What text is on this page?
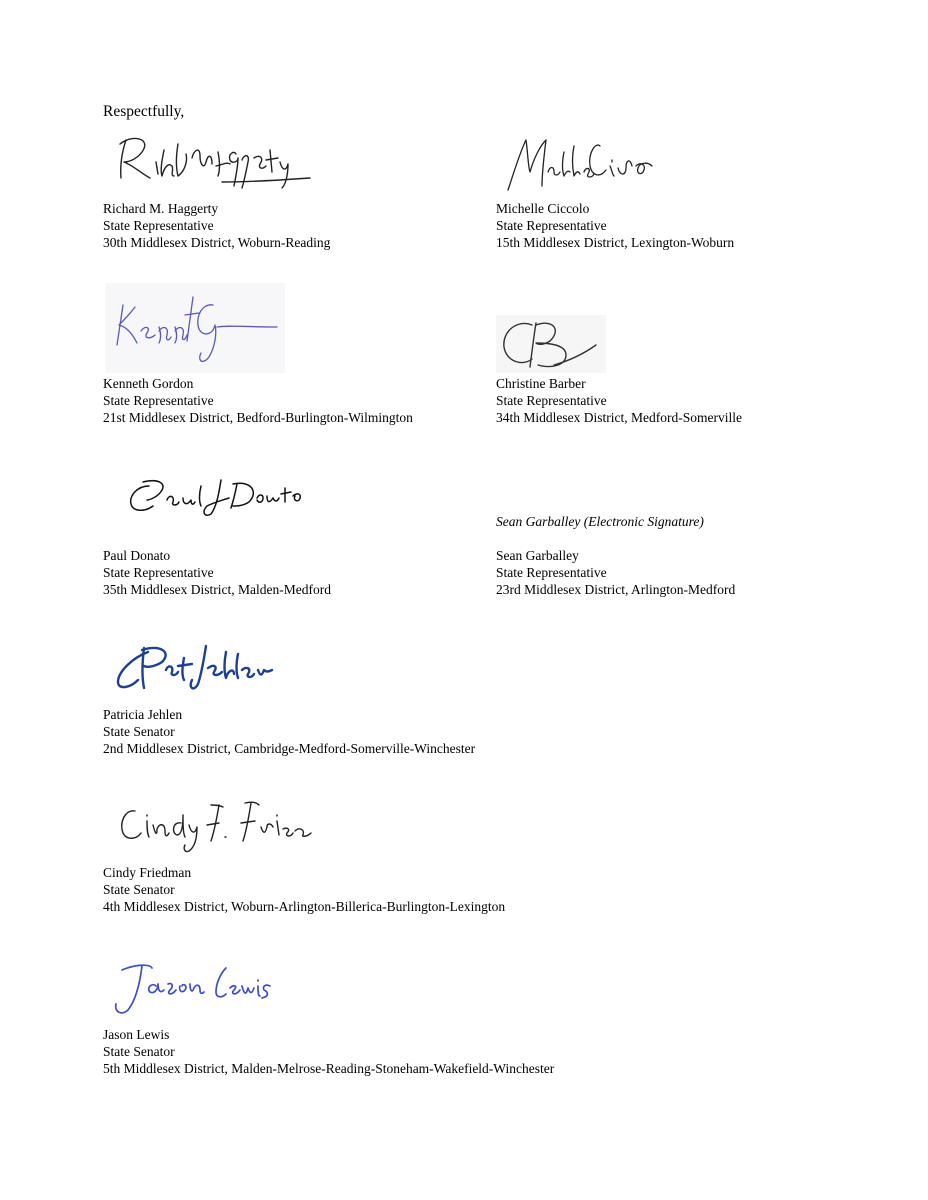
Respectfully,
Richard M. Haggerty
State Representative
30th Middlesex District, Woburn-Reading
Michelle Ciccolo
State Representative
15th Middlesex District, Lexington-Woburn
Kenneth Gordon
State Representative
21st Middlesex District, Bedford-Burlington-Wilmington
Christine Barber
State Representative
34th Middlesex District, Medford-Somerville
Paul Donato
State Representative
35th Middlesex District, Malden-Medford
Sean Garballey (Electronic Signature)
Sean Garballey
State Representative
23rd Middlesex District, Arlington-Medford
Patricia Jehlen
State Senator
2nd Middlesex District, Cambridge-Medford-Somerville-Winchester
Cindy Friedman
State Senator
4th Middlesex District, Woburn-Arlington-Billerica-Burlington-Lexington
Jason Lewis
State Senator
5th Middlesex District, Malden-Melrose-Reading-Stoneham-Wakefield-Winchester
